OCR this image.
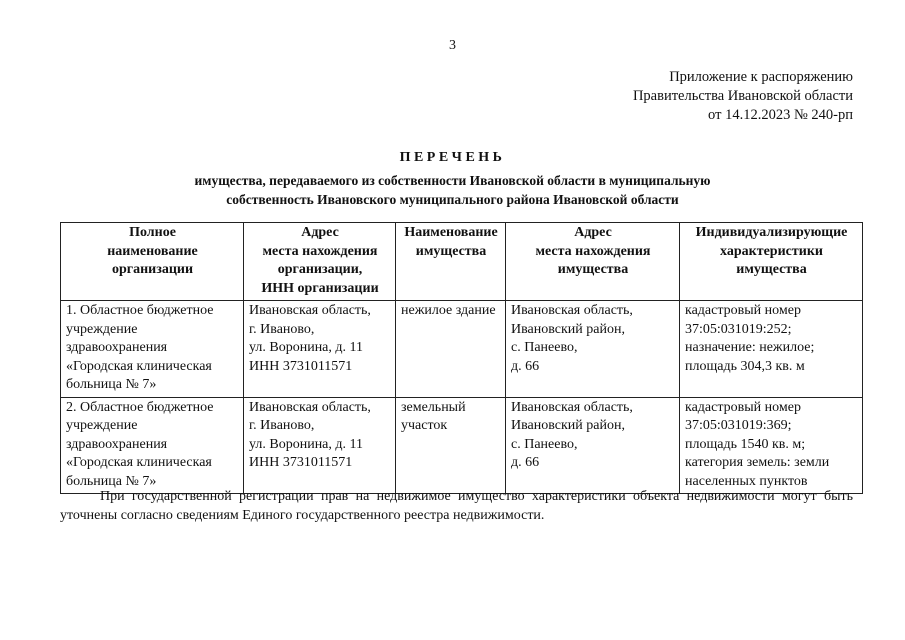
3
Приложение к распоряжению
Правительства Ивановской области
от 14.12.2023 № 240-рп
ПЕРЕЧЕНЬ
имущества, передаваемого из собственности Ивановской области в муниципальную
собственность Ивановского муниципального района Ивановской области
Полное
наименование
организации	Адрес
места нахождения
организации,
ИНН организации	Наименование
имущества	Адрес
места нахождения
имущества	Индивидуализирующие
характеристики
имущества

1. Областное бюджетное
учреждение
здравоохранения
«Городская клиническая
больница № 7»	Ивановская область,
г. Иваново,
ул. Воронина, д. 11
ИНН 3731011571	нежилое здание	Ивановская область,
Ивановский район,
с. Панеево,
д. 66	кадастровый номер
37:05:031019:252;
назначение: нежилое;
площадь 304,3 кв. м

2. Областное бюджетное
учреждение
здравоохранения
«Городская клиническая
больница № 7»	Ивановская область,
г. Иваново,
ул. Воронина, д. 11
ИНН 3731011571	земельный
участок	Ивановская область,
Ивановский район,
с. Панеево,
д. 66	кадастровый номер
37:05:031019:369;
площадь 1540 кв. м;
категория земель: земли
населенных пунктов
При государственной регистрации прав на недвижимое имущество характеристики объекта недвижимости могут быть уточнены согласно сведениям Единого государственного реестра недвижимости.
